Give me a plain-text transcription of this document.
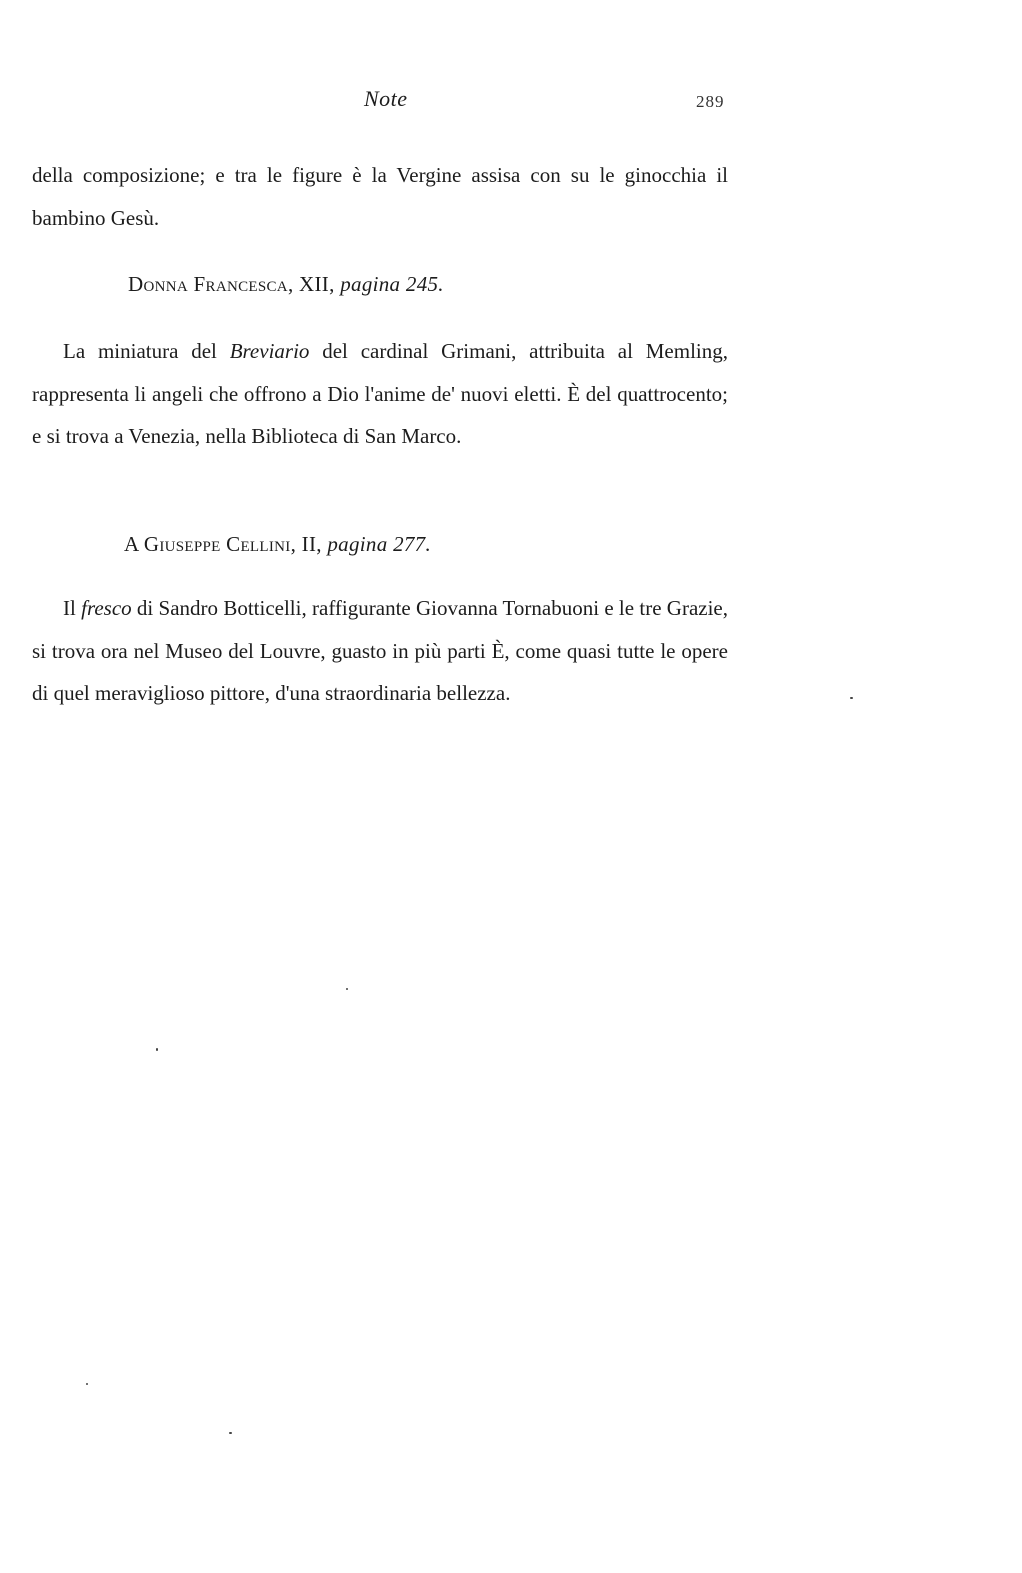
Note	289

della composizione; e tra le figure è la Vergine assisa con su le ginocchia il bambino Gesù.

Donna Francesca, XII, pagina 245.

La miniatura del Breviario del cardinal Grimani, attribuita al Memling, rappresenta li angeli che offrono a Dio l'anime de' nuovi eletti. È del quattrocento; e si trova a Venezia, nella Biblioteca di San Marco.

A Giuseppe Cellini, II, pagina 277.

Il fresco di Sandro Botticelli, raffigurante Giovanna Tornabuoni e le tre Grazie, si trova ora nel Museo del Louvre, guasto in più parti È, come quasi tutte le opere di quel meraviglioso pittore, d'una straordinaria bellezza.
